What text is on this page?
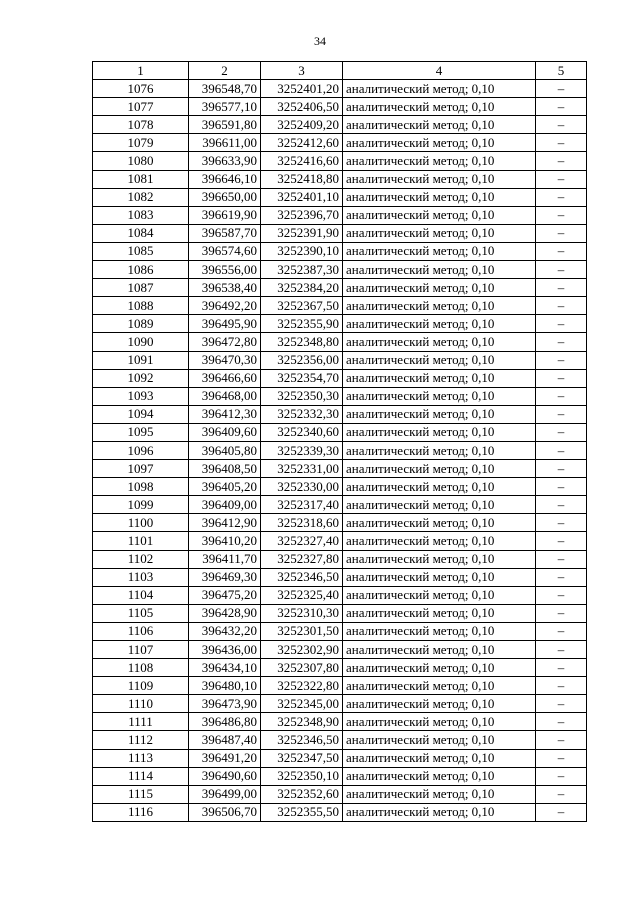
34
1	2	3	4	5
1076	396548,70	3252401,20	аналитический метод; 0,10	–
1077	396577,10	3252406,50	аналитический метод; 0,10	–
1078	396591,80	3252409,20	аналитический метод; 0,10	–
1079	396611,00	3252412,60	аналитический метод; 0,10	–
1080	396633,90	3252416,60	аналитический метод; 0,10	–
1081	396646,10	3252418,80	аналитический метод; 0,10	–
1082	396650,00	3252401,10	аналитический метод; 0,10	–
1083	396619,90	3252396,70	аналитический метод; 0,10	–
1084	396587,70	3252391,90	аналитический метод; 0,10	–
1085	396574,60	3252390,10	аналитический метод; 0,10	–
1086	396556,00	3252387,30	аналитический метод; 0,10	–
1087	396538,40	3252384,20	аналитический метод; 0,10	–
1088	396492,20	3252367,50	аналитический метод; 0,10	–
1089	396495,90	3252355,90	аналитический метод; 0,10	–
1090	396472,80	3252348,80	аналитический метод; 0,10	–
1091	396470,30	3252356,00	аналитический метод; 0,10	–
1092	396466,60	3252354,70	аналитический метод; 0,10	–
1093	396468,00	3252350,30	аналитический метод; 0,10	–
1094	396412,30	3252332,30	аналитический метод; 0,10	–
1095	396409,60	3252340,60	аналитический метод; 0,10	–
1096	396405,80	3252339,30	аналитический метод; 0,10	–
1097	396408,50	3252331,00	аналитический метод; 0,10	–
1098	396405,20	3252330,00	аналитический метод; 0,10	–
1099	396409,00	3252317,40	аналитический метод; 0,10	–
1100	396412,90	3252318,60	аналитический метод; 0,10	–
1101	396410,20	3252327,40	аналитический метод; 0,10	–
1102	396411,70	3252327,80	аналитический метод; 0,10	–
1103	396469,30	3252346,50	аналитический метод; 0,10	–
1104	396475,20	3252325,40	аналитический метод; 0,10	–
1105	396428,90	3252310,30	аналитический метод; 0,10	–
1106	396432,20	3252301,50	аналитический метод; 0,10	–
1107	396436,00	3252302,90	аналитический метод; 0,10	–
1108	396434,10	3252307,80	аналитический метод; 0,10	–
1109	396480,10	3252322,80	аналитический метод; 0,10	–
1110	396473,90	3252345,00	аналитический метод; 0,10	–
1111	396486,80	3252348,90	аналитический метод; 0,10	–
1112	396487,40	3252346,50	аналитический метод; 0,10	–
1113	396491,20	3252347,50	аналитический метод; 0,10	–
1114	396490,60	3252350,10	аналитический метод; 0,10	–
1115	396499,00	3252352,60	аналитический метод; 0,10	–
1116	396506,70	3252355,50	аналитический метод; 0,10	–
